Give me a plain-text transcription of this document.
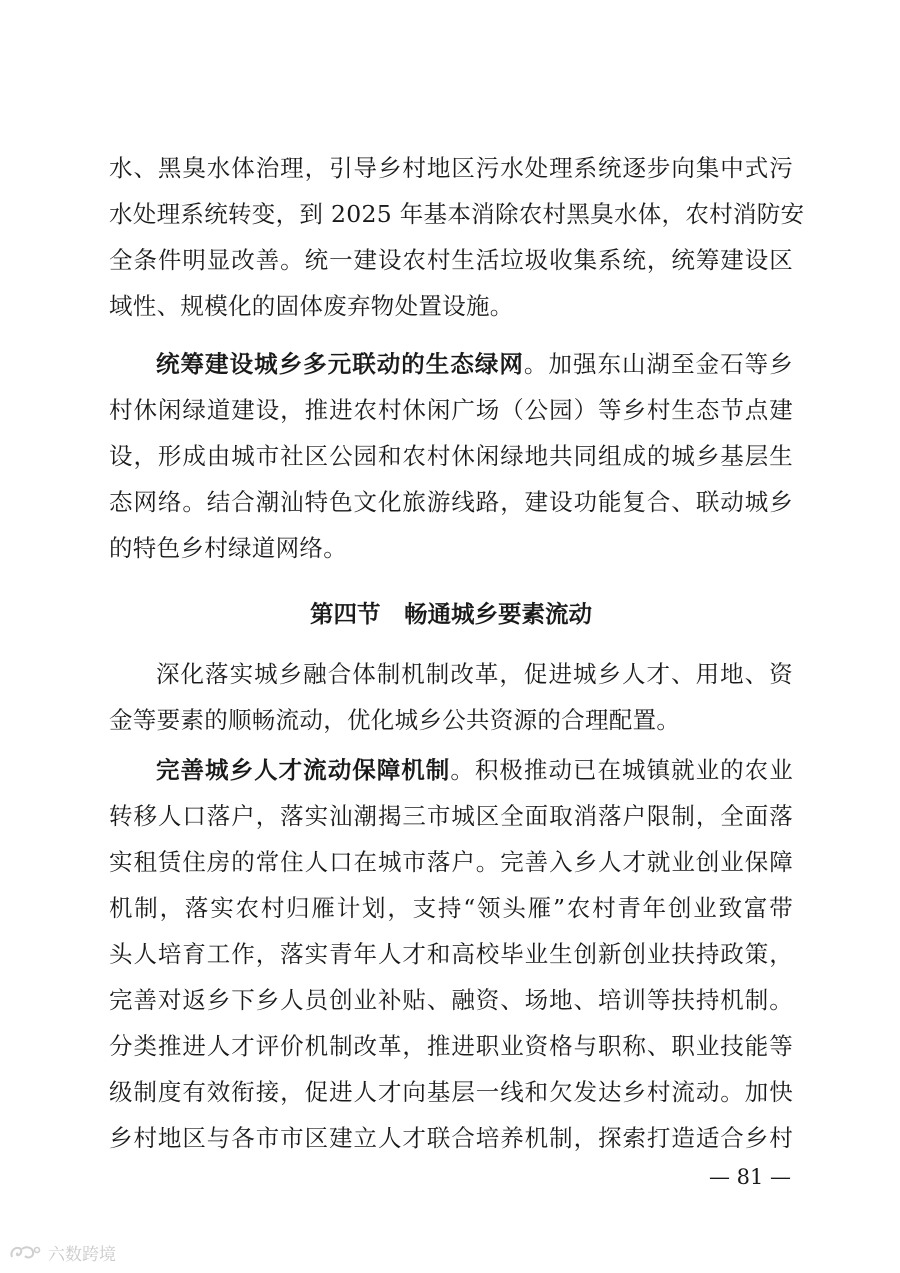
水、黑臭水体治理，引导乡村地区污水处理系统逐步向集中式污
水处理系统转变，到 2025 年基本消除农村黑臭水体，农村消防安
全条件明显改善。统一建设农村生活垃圾收集系统，统筹建设区
域性、规模化的固体废弃物处置设施。
统筹建设城乡多元联动的生态绿网。加强东山湖至金石等乡
村休闲绿道建设，推进农村休闲广场（公园）等乡村生态节点建
设，形成由城市社区公园和农村休闲绿地共同组成的城乡基层生
态网络。结合潮汕特色文化旅游线路，建设功能复合、联动城乡
的特色乡村绿道网络。
第四节　畅通城乡要素流动
深化落实城乡融合体制机制改革，促进城乡人才、用地、资
金等要素的顺畅流动，优化城乡公共资源的合理配置。
完善城乡人才流动保障机制。积极推动已在城镇就业的农业
转移人口落户，落实汕潮揭三市城区全面取消落户限制，全面落
实租赁住房的常住人口在城市落户。完善入乡人才就业创业保障
机制，落实农村归雁计划，支持“领头雁”农村青年创业致富带
头人培育工作，落实青年人才和高校毕业生创新创业扶持政策，
完善对返乡下乡人员创业补贴、融资、场地、培训等扶持机制。
分类推进人才评价机制改革，推进职业资格与职称、职业技能等
级制度有效衔接，促进人才向基层一线和欠发达乡村流动。加快
乡村地区与各市市区建立人才联合培养机制，探索打造适合乡村
— 81 —
六数跨境
